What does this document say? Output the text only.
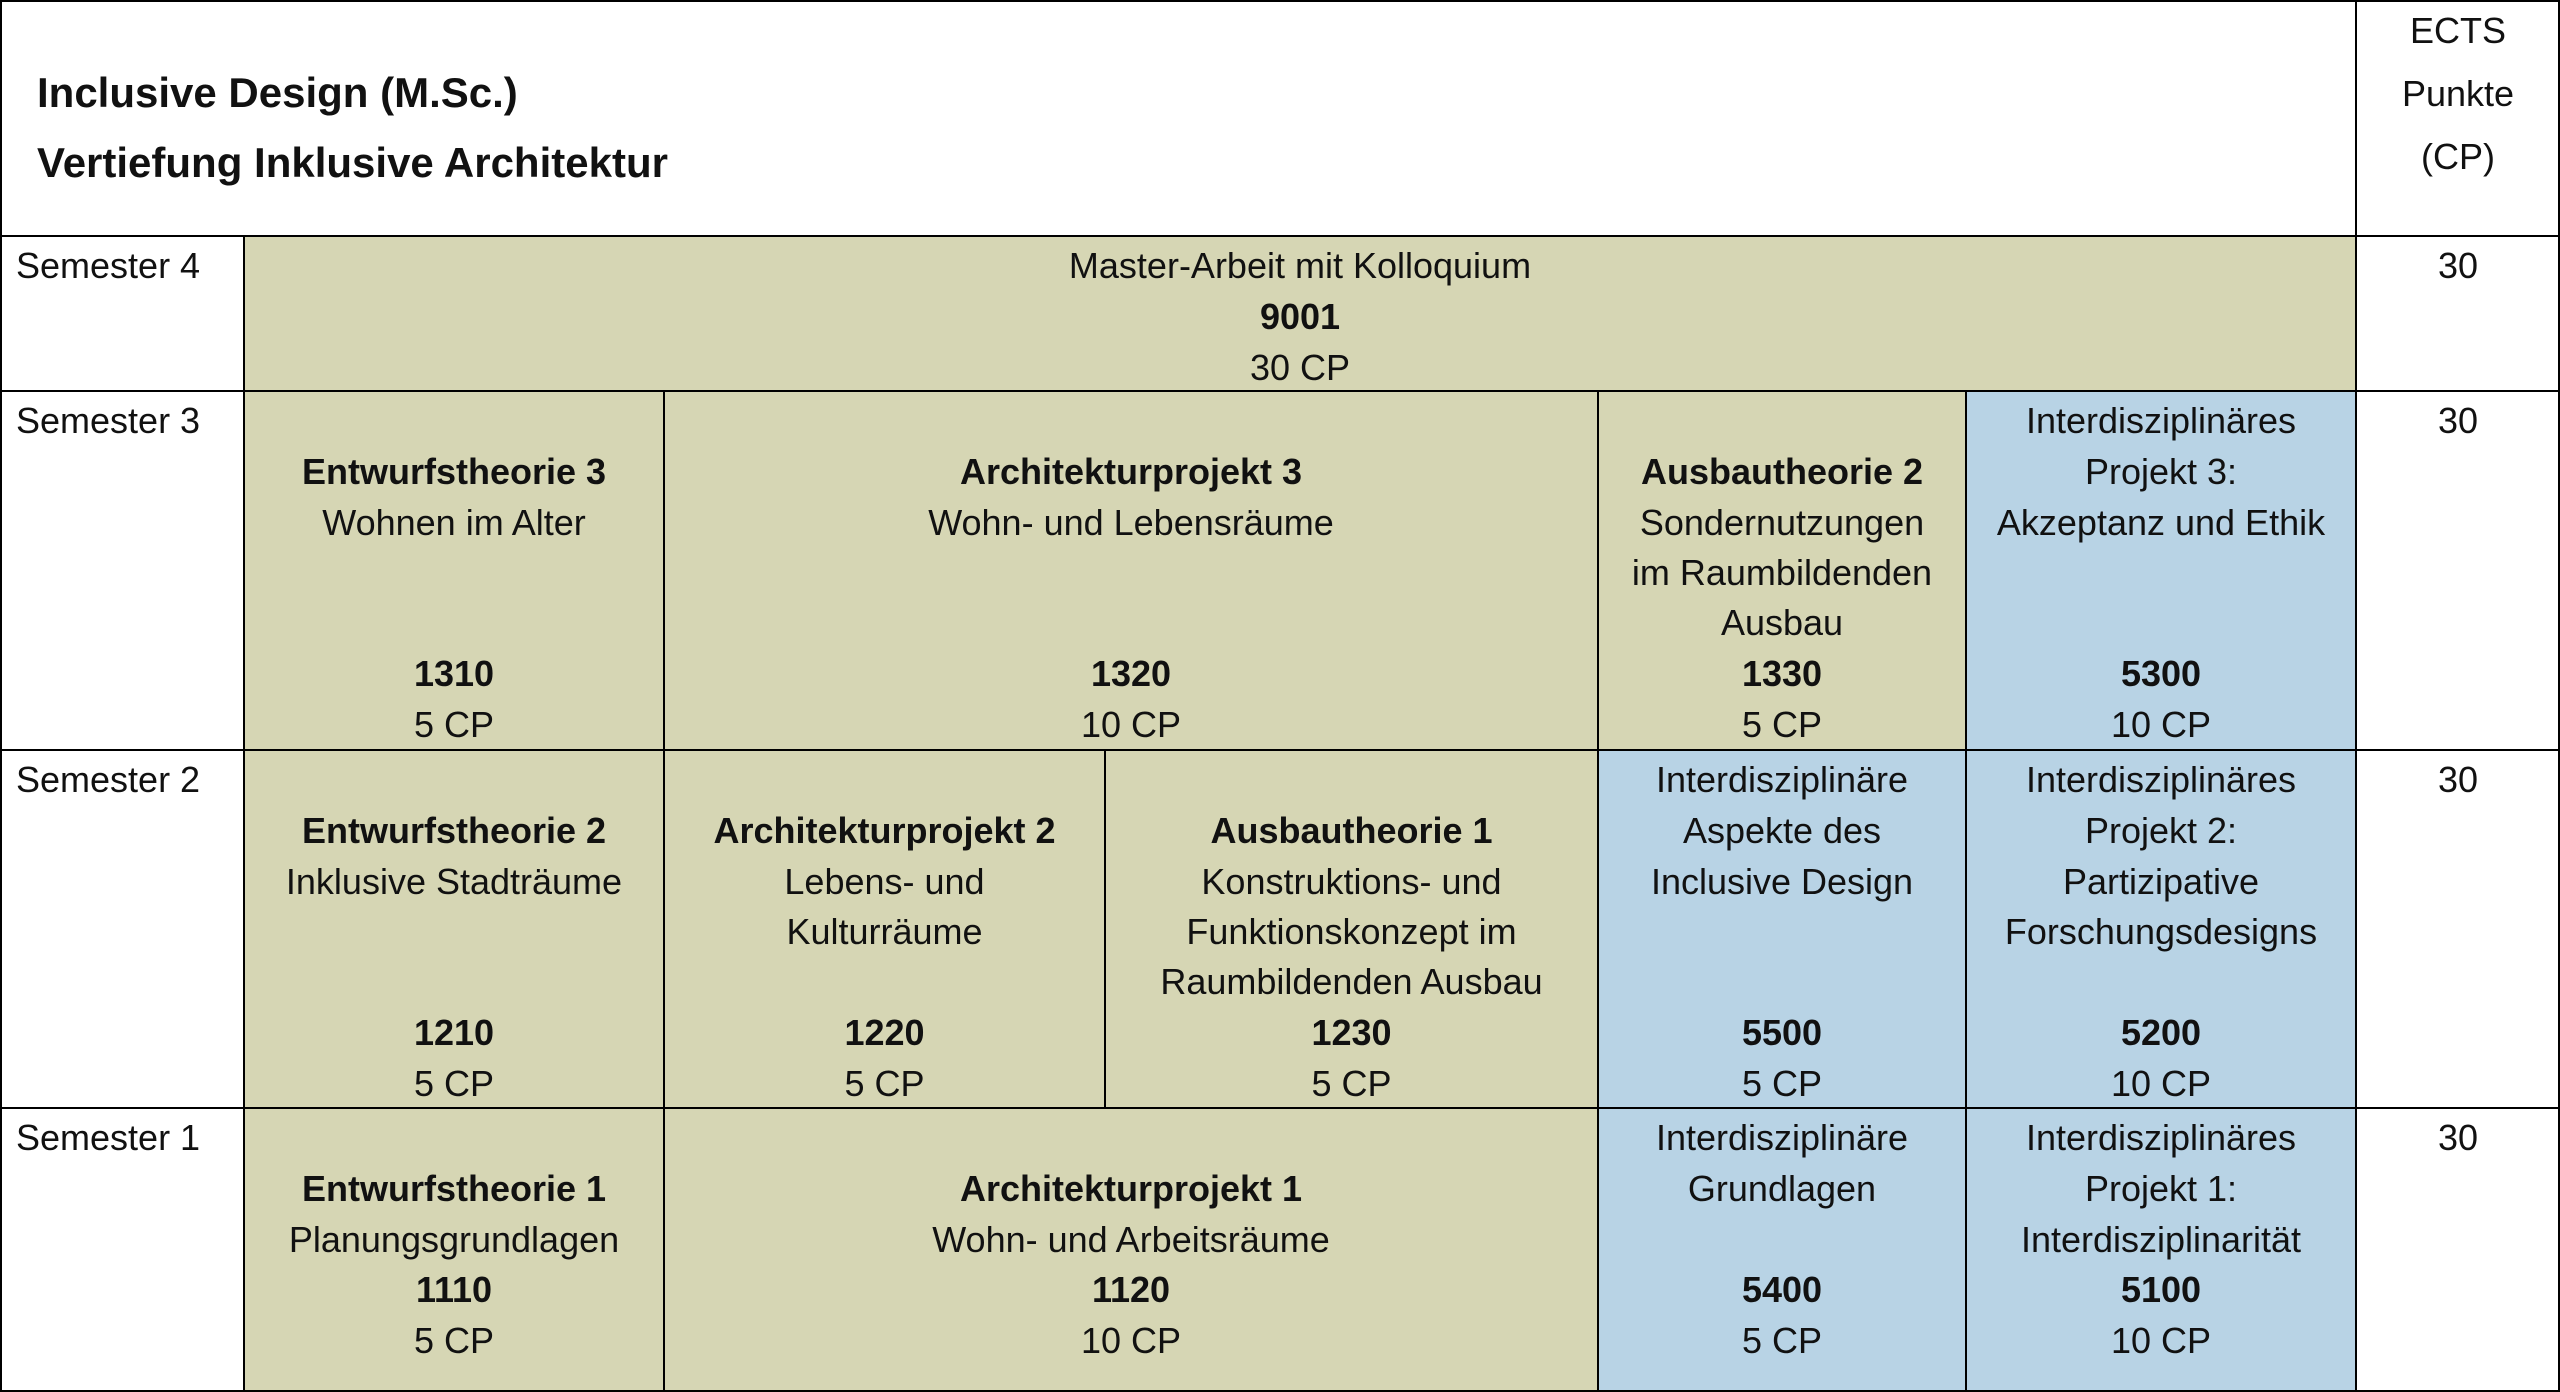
Inclusive Design (M.Sc.)
Vertiefung Inklusive Architektur
ECTS
Punkte
(CP)
Semester 4	Master-Arbeit mit Kolloquium
9001
30 CP
30
Semester 3
Entwurfstheorie 3
Wohnen im Alter
1310
5 CP
Architekturprojekt 3
Wohn- und Lebensräume
1320
10 CP
Ausbautheorie 2
Sondernutzungen
im Raumbildenden
Ausbau
1330
5 CP
Interdisziplinäres
Projekt 3:
Akzeptanz und Ethik
5300
10 CP
30
Semester 2
Entwurfstheorie 2
Inklusive Stadträume
1210
5 CP
Architekturprojekt 2
Lebens- und
Kulturräume
1220
5 CP
Ausbautheorie 1
Konstruktions- und
Funktionskonzept im
Raumbildenden Ausbau
1230
5 CP
Interdisziplinäre
Aspekte des
Inclusive Design
5500
5 CP
Interdisziplinäres
Projekt 2:
Partizipative
Forschungsdesigns
5200
10 CP
30
Semester 1
Entwurfstheorie 1
Planungsgrundlagen
1110
5 CP
Architekturprojekt 1
Wohn- und Arbeitsräume
1120
10 CP
Interdisziplinäre
Grundlagen
5400
5 CP
Interdisziplinäres
Projekt 1:
Interdisziplinarität
5100
10 CP
30
